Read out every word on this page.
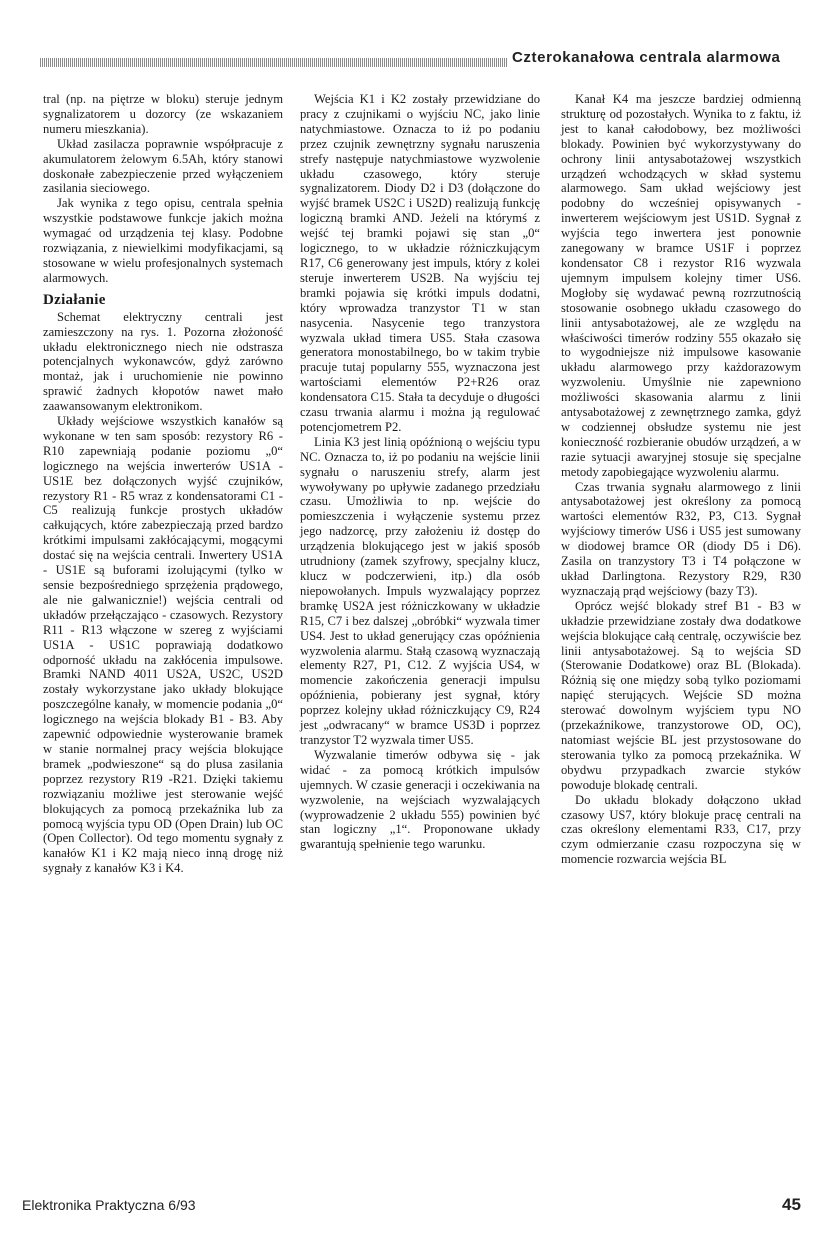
Czterokanałowa centrala alarmowa

tral (np. na piętrze w bloku) steruje jednym sygnalizatorem u dozorcy (ze wskazaniem numeru mieszkania).

Układ zasilacza poprawnie współpracuje z akumulatorem żelowym 6.5Ah, który stanowi doskonałe zabezpieczenie przed wyłączeniem zasilania sieciowego.

Jak wynika z tego opisu, centrala spełnia wszystkie podstawowe funkcje jakich można wymagać od urządzenia tej klasy. Podobne rozwiązania, z niewielkimi modyfikacjami, są stosowane w wielu profesjonalnych systemach alarmowych.

Działanie

Schemat elektryczny centrali jest zamieszczony na rys. 1. Pozorna złożoność układu elektronicznego niech nie odstrasza potencjalnych wykonawców, gdyż zarówno montaż, jak i uruchomienie nie powinno sprawić żadnych kłopotów nawet mało zaawansowanym elektronikom.

Układy wejściowe wszystkich kanałów są wykonane w ten sam sposób: rezystory R6 - R10 zapewniają podanie poziomu „0“ logicznego na wejścia inwerterów US1A - US1E bez dołączonych wyjść czujników, rezystory R1 - R5 wraz z kondensatorami C1 - C5 realizują funkcje prostych układów całkujących, które zabezpieczają przed bardzo krótkimi impulsami zakłócającymi, mogącymi dostać się na wejścia centrali. Inwertery US1A - US1E są buforami izolującymi (tylko w sensie bezpośredniego sprzężenia prądowego, ale nie galwanicznie!) wejścia centrali od układów przełączająco - czasowych. Rezystory R11 - R13 włączone w szereg z wyjściami US1A - US1C poprawiają dodatkowo odporność układu na zakłócenia impulsowe. Bramki NAND 4011 US2A, US2C, US2D zostały wykorzystane jako układy blokujące poszczególne kanały, w momencie podania „0“ logicznego na wejścia blokady B1 - B3. Aby zapewnić odpowiednie wysterowanie bramek w stanie normalnej pracy wejścia blokujące bramek „podwieszone“ są do plusa zasilania poprzez rezystory R19 -R21. Dzięki takiemu rozwiązaniu możliwe jest sterowanie wejść blokujących za pomocą przekaźnika lub za pomocą wyjścia typu OD (Open Drain) lub OC (Open Collector). Od tego momentu sygnały z kanałów K1 i K2 mają nieco inną drogę niż sygnały z kanałów K3 i K4.

Wejścia K1 i K2 zostały przewidziane do pracy z czujnikami o wyjściu NC, jako linie natychmiastowe. Oznacza to iż po podaniu przez czujnik zewnętrzny sygnału naruszenia strefy następuje natychmiastowe wyzwolenie układu czasowego, który steruje sygnalizatorem. Diody D2 i D3 (dołączone do wyjść bramek US2C i US2D) realizują funkcję logiczną bramki AND. Jeżeli na którymś z wejść tej bramki pojawi się stan „0“ logicznego, to w układzie różniczkującym R17, C6 generowany jest impuls, który z kolei steruje inwerterem US2B. Na wyjściu tej bramki pojawia się krótki impuls dodatni, który wprowadza tranzystor T1 w stan nasycenia. Nasycenie tego tranzystora wyzwala układ timera US5. Stała czasowa generatora monostabilnego, bo w takim trybie pracuje tutaj popularny 555, wyznaczona jest wartościami elementów P2+R26 oraz kondensatora C15. Stała ta decyduje o długości czasu trwania alarmu i można ją regulować potencjometrem P2.

Linia K3 jest linią opóźnioną o wejściu typu NC. Oznacza to, iż po podaniu na wejście linii sygnału o naruszeniu strefy, alarm jest wywoływany po upływie zadanego przedziału czasu. Umożliwia to np. wejście do pomieszczenia i wyłączenie systemu przez jego nadzorcę, przy założeniu iż dostęp do urządzenia blokującego jest w jakiś sposób utrudniony (zamek szyfrowy, specjalny klucz, klucz w podczerwieni, itp.) dla osób niepowołanych. Impuls wyzwalający poprzez bramkę US2A jest różniczkowany w układzie R15, C7 i bez dalszej „obróbki“ wyzwala timer US4. Jest to układ generujący czas opóźnienia wyzwolenia alarmu. Stałą czasową wyznaczają elementy R27, P1, C12. Z wyjścia US4, w momencie zakończenia generacji impulsu opóźnienia, pobierany jest sygnał, który poprzez kolejny układ różniczkujący C9, R24 jest „odwracany“ w bramce US3D i poprzez tranzystor T2 wyzwala timer US5.

Wyzwalanie timerów odbywa się - jak widać - za pomocą krótkich impulsów ujemnych. W czasie generacji i oczekiwania na wyzwolenie, na wejściach wyzwalających (wyprowadzenie 2 układu 555) powinien być stan logiczny „1“. Proponowane układy gwarantują spełnienie tego warunku.

Kanał K4 ma jeszcze bardziej odmienną strukturę od pozostałych. Wynika to z faktu, iż jest to kanał całodobowy, bez możliwości blokady. Powinien być wykorzystywany do ochrony linii antysabotażowej wszystkich urządzeń wchodzących w skład systemu alarmowego. Sam układ wejściowy jest podobny do wcześniej opisywanych - inwerterem wejściowym jest US1D. Sygnał z wyjścia tego inwertera jest ponownie zanegowany w bramce US1F i poprzez kondensator C8 i rezystor R16 wyzwala ujemnym impulsem kolejny timer US6. Mogłoby się wydawać pewną rozrzutnością stosowanie osobnego układu czasowego do linii antysabotażowej, ale ze względu na właściwości timerów rodziny 555 okazało się to wygodniejsze niż impulsowe kasowanie układu alarmowego przy każdorazowym wyzwoleniu. Umyślnie nie zapewniono możliwości skasowania alarmu z linii antysabotażowej z zewnętrznego zamka, gdyż w codziennej obsłudze systemu nie jest konieczność rozbieranie obudów urządzeń, a w razie sytuacji awaryjnej stosuje się specjalne metody zapobiegające wyzwoleniu alarmu.

Czas trwania sygnału alarmowego z linii antysabotażowej jest określony za pomocą wartości elementów R32, P3, C13. Sygnał wyjściowy timerów US6 i US5 jest sumowany w diodowej bramce OR (diody D5 i D6). Zasila on tranzystory T3 i T4 połączone w układ Darlingtona. Rezystory R29, R30 wyznaczają prąd wejściowy (bazy T3).

Oprócz wejść blokady stref B1 - B3 w układzie przewidziane zostały dwa dodatkowe wejścia blokujące całą centralę, oczywiście bez linii antysabotażowej. Są to wejścia SD (Sterowanie Dodatkowe) oraz BL (Blokada). Różnią się one między sobą tylko poziomami napięć sterujących. Wejście SD można sterować dowolnym wyjściem typu NO (przekaźnikowe, tranzystorowe OD, OC), natomiast wejście BL jest przystosowane do sterowania tylko za pomocą przekaźnika. W obydwu przypadkach zwarcie styków powoduje blokadę centrali.

Do układu blokady dołączono układ czasowy US7, który blokuje pracę centrali na czas określony elementami R33, C17, przy czym odmierzanie czasu rozpoczyna się w momencie rozwarcia wejścia BL

Elektronika Praktyczna 6/93	45
